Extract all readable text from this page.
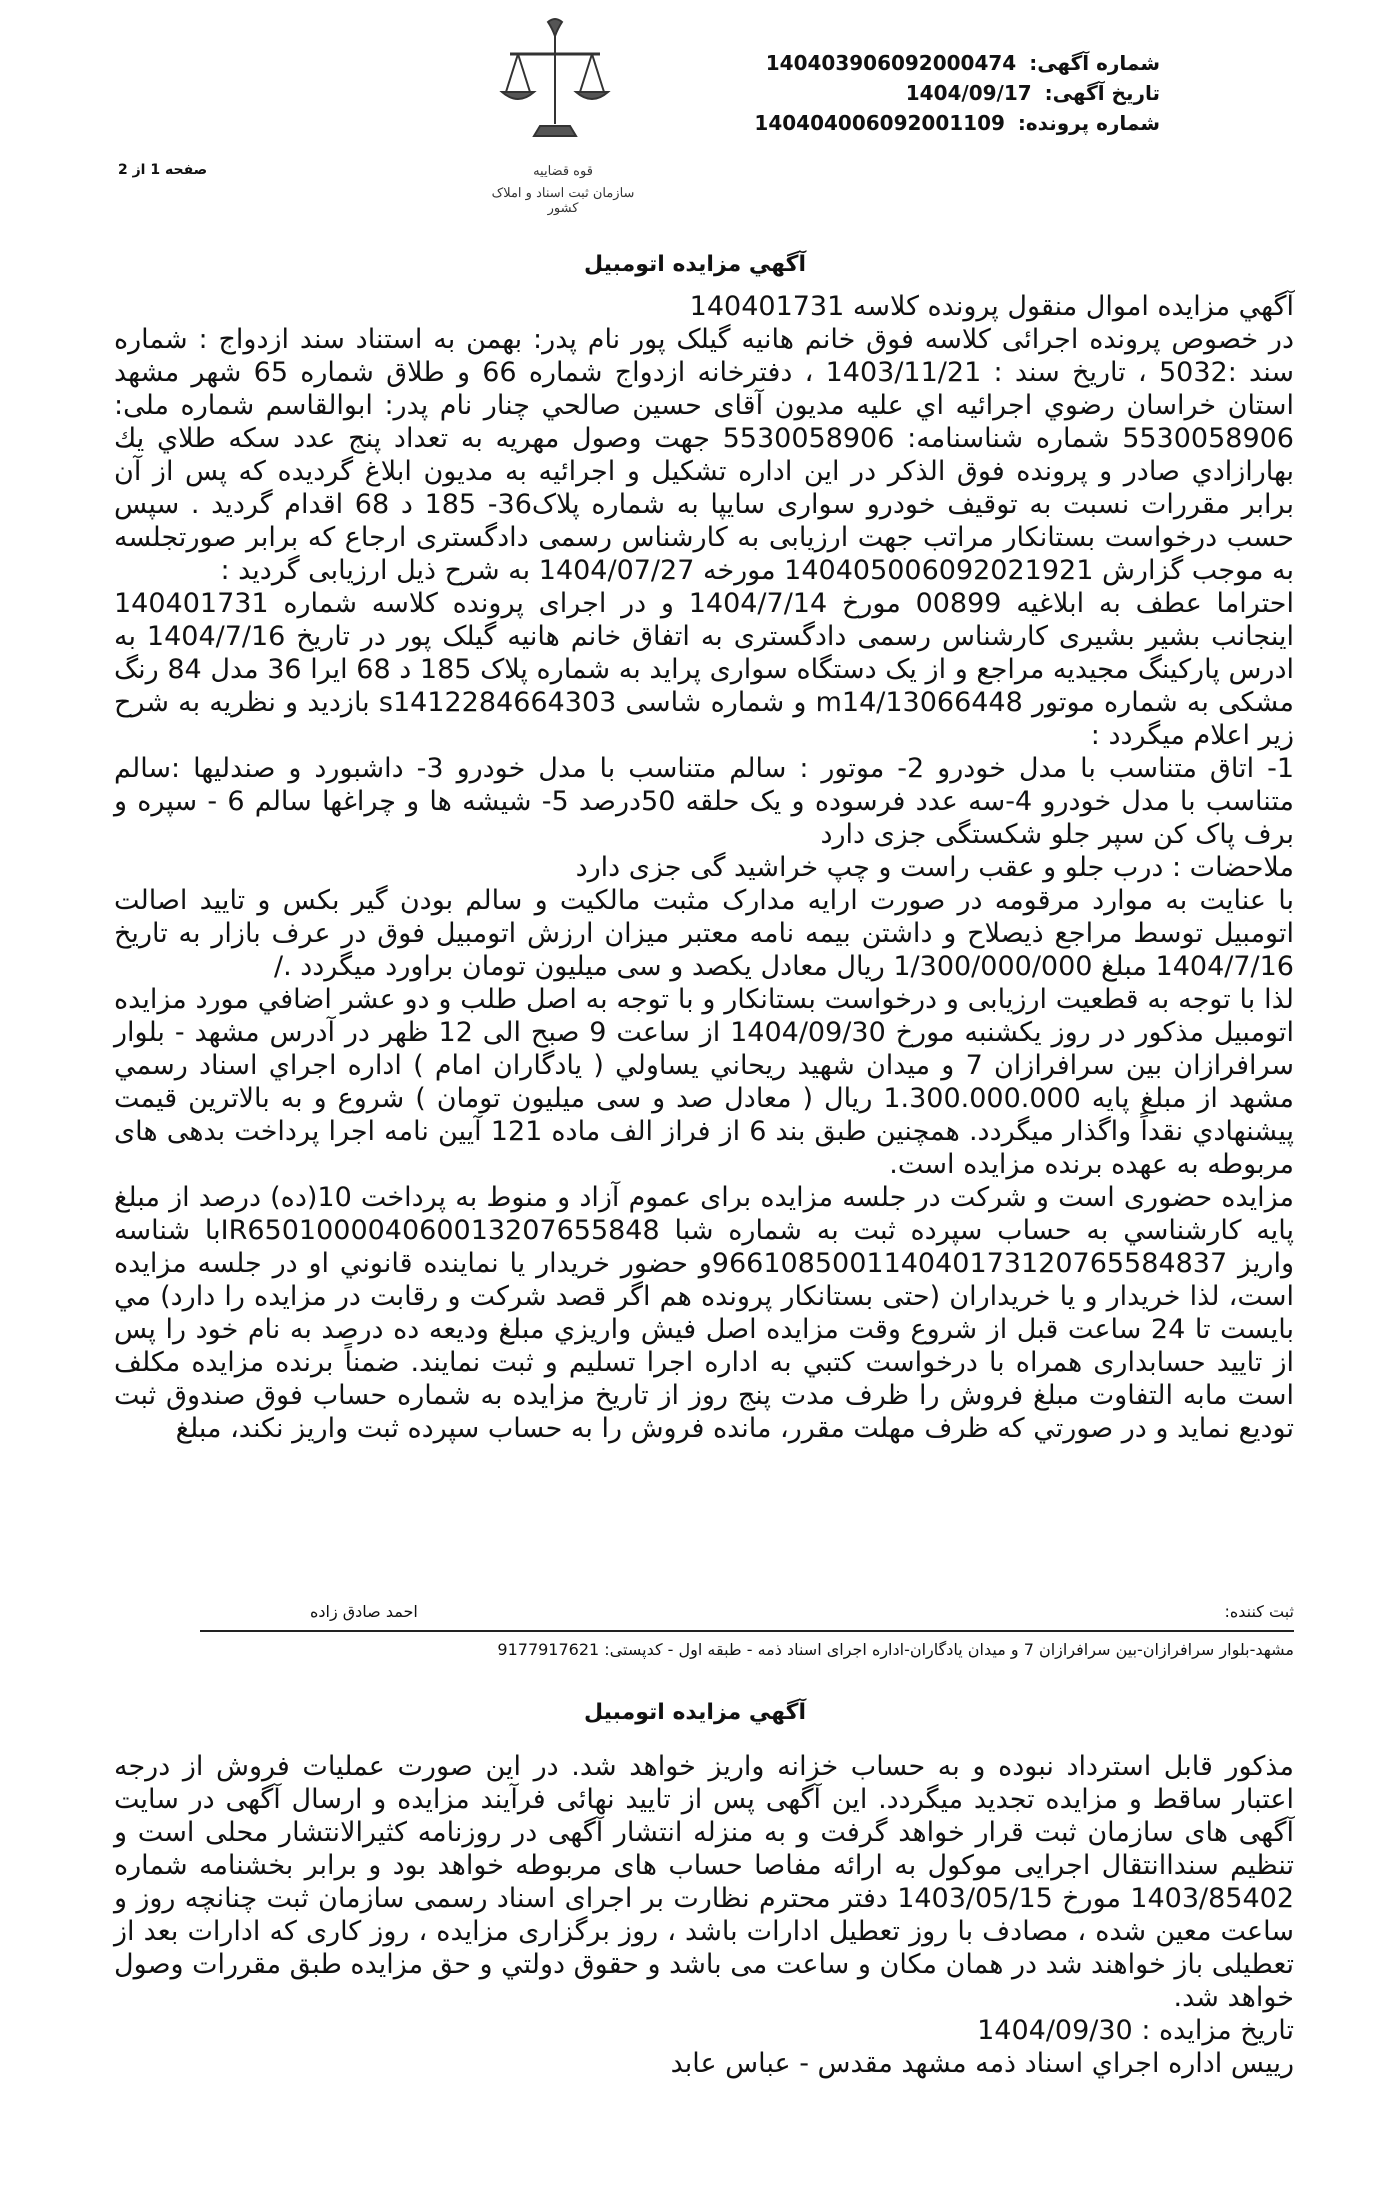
قوه قضاییه
سازمان ثبت اسناد و املاک کشور
شماره آگهی: 140403906092000474
تاریخ آگهی: 1404/09/17
شماره پرونده: 140404006092001109
صفحه 1 از 2
آگهي مزايده اتومبيل

آگهي مزايده اموال منقول پرونده كلاسه 140401731

در خصوص پرونده اجرائی کلاسه فوق خانم هانیه گیلک پور نام پدر: بهمن به استناد سند ازدواج : شماره سند :5032 ، تاریخ سند : 1403/11/21 ، دفترخانه ازدواج شماره 66 و طلاق شماره 65 شهر مشهد استان خراسان رضوي اجرائیه اي علیه مدیون آقای حسین صالحي چنار نام پدر: ابوالقاسم شماره ملی: 5530058906 شماره شناسنامه: 5530058906 جهت وصول مهریه به تعداد پنج عدد سکه طلاي یك بهارازادي صادر و پرونده فوق الذکر در این اداره تشکیل و اجرائیه به مدیون ابلاغ گردیده که پس از آن برابر مقررات نسبت به توقیف خودرو سواری سایپا به شماره پلاک36- 185 د 68 اقدام گردید . سپس حسب درخواست بستانکار مراتب جهت ارزیابی به کارشناس رسمی دادگستری ارجاع که برابر صورتجلسه به موجب گزارش 140405006092021921 مورخه 1404/07/27 به شرح ذیل ارزیابی گردید :

احتراما عطف به ابلاغیه 00899 مورخ 1404/7/14 و در اجرای پرونده کلاسه شماره 140401731 اینجانب بشیر بشیری کارشناس رسمی دادگستری به اتفاق خانم هانیه گیلک پور در تاریخ 1404/7/16 به ادرس پارکینگ مجیدیه مراجع و از یک دستگاه سواری پراید به شماره پلاک 185 د 68 ایرا 36 مدل 84 رنگ مشکی به شماره موتور m14/13066448 و شماره شاسی s1412284664303 بازدید و نظریه به شرح زیر اعلام میگردد :

1- اتاق متناسب با مدل خودرو 2- موتور : سالم متناسب با مدل خودرو 3- داشبورد و صندلیها :سالم متناسب با مدل خودرو 4-سه عدد فرسوده و یک حلقه 50درصد 5- شیشه ها و چراغها سالم 6 - سپره و برف پاک کن سپر جلو شکستگی جزی دارد

ملاحضات : درب جلو و عقب راست و چپ خراشید گی جزی دارد

با عنایت به موارد مرقومه در صورت ارایه مدارک مثبت مالکیت و سالم بودن گیر بکس و تایید اصالت اتومبیل توسط مراجع ذیصلاح و داشتن بیمه نامه معتبر میزان ارزش اتومبیل فوق در عرف بازار به تاریخ 1404/7/16 مبلغ 1/300/000/000 ریال معادل یکصد و سی میلیون تومان براورد میگردد ./

لذا با توجه به قطعیت ارزیابی و درخواست بستانکار و با توجه به اصل طلب و دو عشر اضافي مورد مزایده اتومبیل مذکور در روز یکشنبه مورخ 1404/09/30 از ساعت 9 صبح الی 12 ظهر در آدرس مشهد - بلوار سرافرازان بین سرافرازان 7 و میدان شهید ریحاني یساولي ( یادگاران امام ) اداره اجراي اسناد رسمي مشهد از مبلغ پایه 1.300.000.000 ریال ( معادل صد و سی میلیون تومان ) شروع و به بالاترین قیمت پیشنهادي نقداً واگذار میگردد. همچنین طبق بند 6 از فراز الف ماده 121 آیین نامه اجرا پرداخت بدهی های مربوطه به عهده برنده مزایده است.

مزایده حضوری است و شرکت در جلسه مزایده برای عموم آزاد و منوط به پرداخت 10(ده) درصد از مبلغ پایه کارشناسي به حساب سپرده ثبت به شماره شبا IR650100004060013207655848با شناسه واریز 966108500114040173120765584837و حضور خریدار یا نماینده قانوني او در جلسه مزایده است، لذا خریدار و یا خریداران (حتی بستانکار پرونده هم اگر قصد شرکت و رقابت در مزایده را دارد) مي بایست تا 24 ساعت قبل از شروع وقت مزایده اصل فیش واریزي مبلغ ودیعه ده درصد به نام خود را پس از تایید حسابداری همراه با درخواست کتبي به اداره اجرا تسلیم و ثبت نمایند. ضمناً برنده مزایده مکلف است مابه التفاوت مبلغ فروش را ظرف مدت پنج روز از تاریخ مزایده به شماره حساب فوق صندوق ثبت تودیع نماید و در صورتي که ظرف مهلت مقرر، مانده فروش را به حساب سپرده ثبت واریز نکند، مبلغ

ثبت کننده:
احمد صادق زاده
مشهد-بلوار سرافرازان-بین سرافرازان 7 و میدان یادگاران-اداره اجرای اسناد ذمه - طبقه اول - کدپستی: 9177917621
آگهي مزايده اتومبيل

مذکور قابل استرداد نبوده و به حساب خزانه واریز خواهد شد. در این صورت عملیات فروش از درجه اعتبار ساقط و مزایده تجدید میگردد. این آگهی پس از تایید نهائی فرآیند مزایده و ارسال آگهی در سایت آگهی های سازمان ثبت قرار خواهد گرفت و به منزله انتشار آگهی در روزنامه کثیرالانتشار محلی است و تنظیم سنداانتقال اجرایی موکول به ارائه مفاصا حساب های مربوطه خواهد بود و برابر بخشنامه شماره 1403/85402 مورخ 1403/05/15 دفتر محترم نظارت بر اجرای اسناد رسمی سازمان ثبت چنانچه روز و ساعت معین شده ، مصادف با روز تعطیل ادارات باشد ، روز برگزاری مزایده ، روز کاری که ادارات بعد از تعطیلی باز خواهند شد در همان مکان و ساعت می باشد و حقوق دولتي و حق مزایده طبق مقررات وصول خواهد شد.

تاریخ مزایده : 1404/09/30

رییس اداره اجراي اسناد ذمه مشهد مقدس - عباس عابد
